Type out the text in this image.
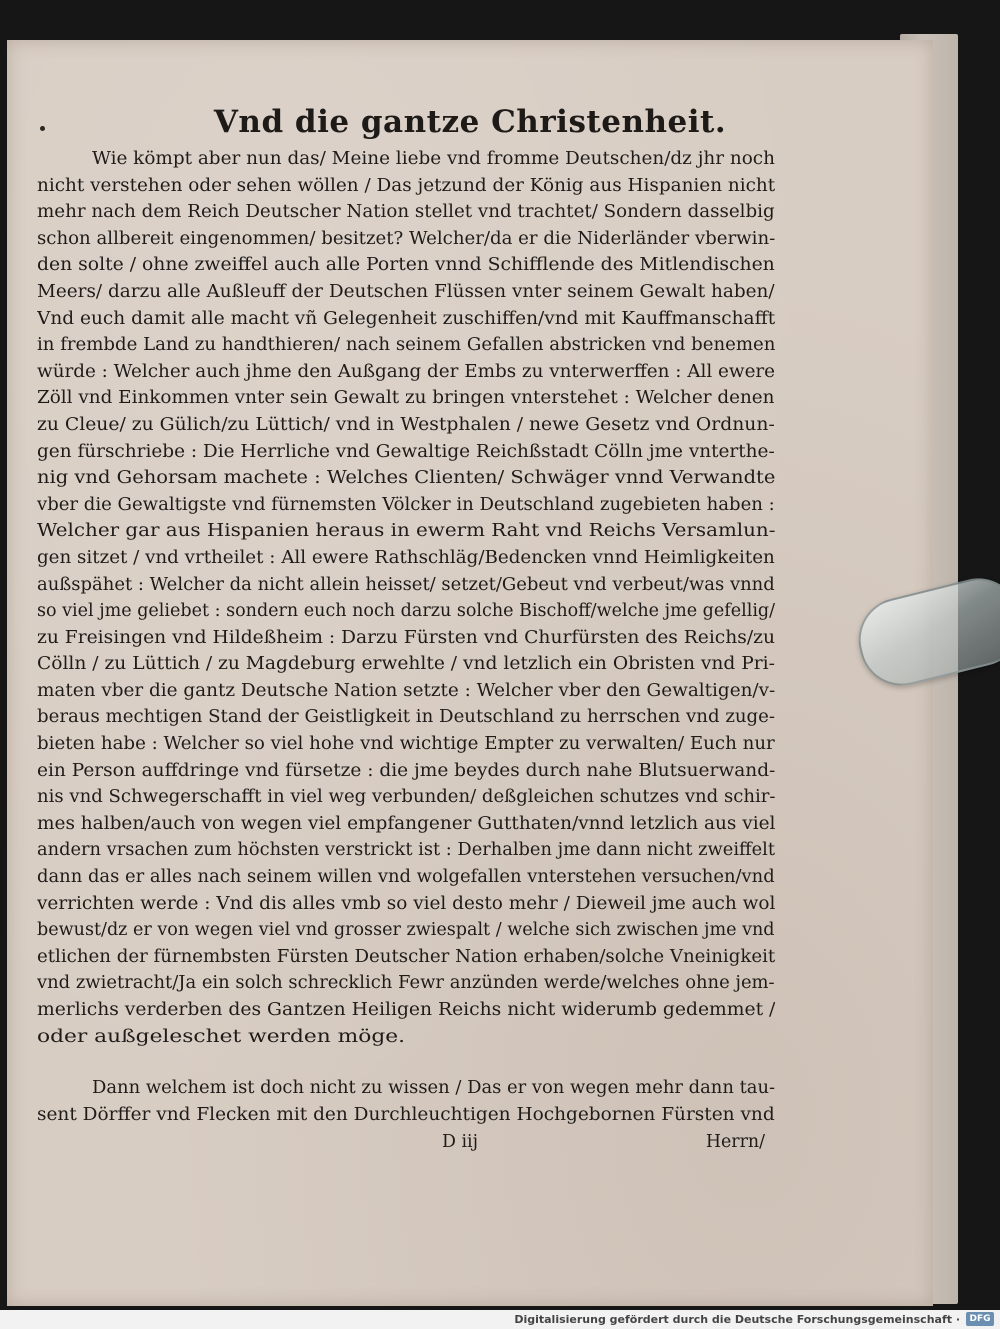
Vnd die gantze Christenheit.
Wie kömpt aber nun das/ Meine liebe vnd fromme Deutschen/dz jhr noch
nicht verstehen oder sehen wöllen / Das jetzund der König aus Hispanien nicht
mehr nach dem Reich Deutscher Nation stellet vnd trachtet/ Sondern dasselbig
schon allbereit eingenommen/ besitzet? Welcher/da er die Niderländer vberwin-
den solte / ohne zweiffel auch alle Porten vnnd Schifflende des Mitlendischen
Meers/ darzu alle Außleuff der Deutschen Flüssen vnter seinem Gewalt haben/
Vnd euch damit alle macht vñ Gelegenheit zuschiffen/vnd mit Kauffmanschafft
in frembde Land zu handthieren/ nach seinem Gefallen abstricken vnd benemen
würde : Welcher auch jhme den Außgang der Embs zu vnterwerffen : All ewere
Zöll vnd Einkommen vnter sein Gewalt zu bringen vnterstehet : Welcher denen
zu Cleue/ zu Gülich/zu Lüttich/ vnd in Westphalen / newe Gesetz vnd Ordnun-
gen fürschriebe : Die Herrliche vnd Gewaltige Reichßstadt Cölln jme vnterthe-
nig vnd Gehorsam machete : Welches Clienten/ Schwäger vnnd Verwandte
vber die Gewaltigste vnd fürnemsten Völcker in Deutschland zugebieten haben :
Welcher gar aus Hispanien heraus in ewerm Raht vnd Reichs Versamlun-
gen sitzet / vnd vrtheilet : All ewere Rathschläg/Bedencken vnnd Heimligkeiten
außspähet : Welcher da nicht allein heisset/ setzet/Gebeut vnd verbeut/was vnnd
so viel jme geliebet : sondern euch noch darzu solche Bischoff/welche jme gefellig/
zu Freisingen vnd Hildeßheim : Darzu Fürsten vnd Churfürsten des Reichs/zu
Cölln / zu Lüttich / zu Magdeburg erwehlte / vnd letzlich ein Obristen vnd Pri-
maten vber die gantz Deutsche Nation setzte : Welcher vber den Gewaltigen/v-
beraus mechtigen Stand der Geistligkeit in Deutschland zu herrschen vnd zuge-
bieten habe : Welcher so viel hohe vnd wichtige Empter zu verwalten/ Euch nur
ein Person auffdringe vnd fürsetze : die jme beydes durch nahe Blutsuerwand-
nis vnd Schwegerschafft in viel weg verbunden/ deßgleichen schutzes vnd schir-
mes halben/auch von wegen viel empfangener Gutthaten/vnnd letzlich aus viel
andern vrsachen zum höchsten verstrickt ist : Derhalben jme dann nicht zweiffelt
dann das er alles nach seinem willen vnd wolgefallen vnterstehen versuchen/vnd
verrichten werde : Vnd dis alles vmb so viel desto mehr / Dieweil jme auch wol
bewust/dz er von wegen viel vnd grosser zwiespalt / welche sich zwischen jme vnd
etlichen der fürnembsten Fürsten Deutscher Nation erhaben/solche Vneinigkeit
vnd zwietracht/Ja ein solch schrecklich Fewr anzünden werde/welches ohne jem-
merlichs verderben des Gantzen Heiligen Reichs nicht widerumb gedemmet /
oder außgeleschet werden möge.
Dann welchem ist doch nicht zu wissen / Das er von wegen mehr dann tau-
sent Dörffer vnd Flecken mit den Durchleuchtigen Hochgebornen Fürsten vnd
D iij	Herrn/
Digitalisierung gefördert durch die Deutsche Forschungsgemeinschaft ·	DFG
